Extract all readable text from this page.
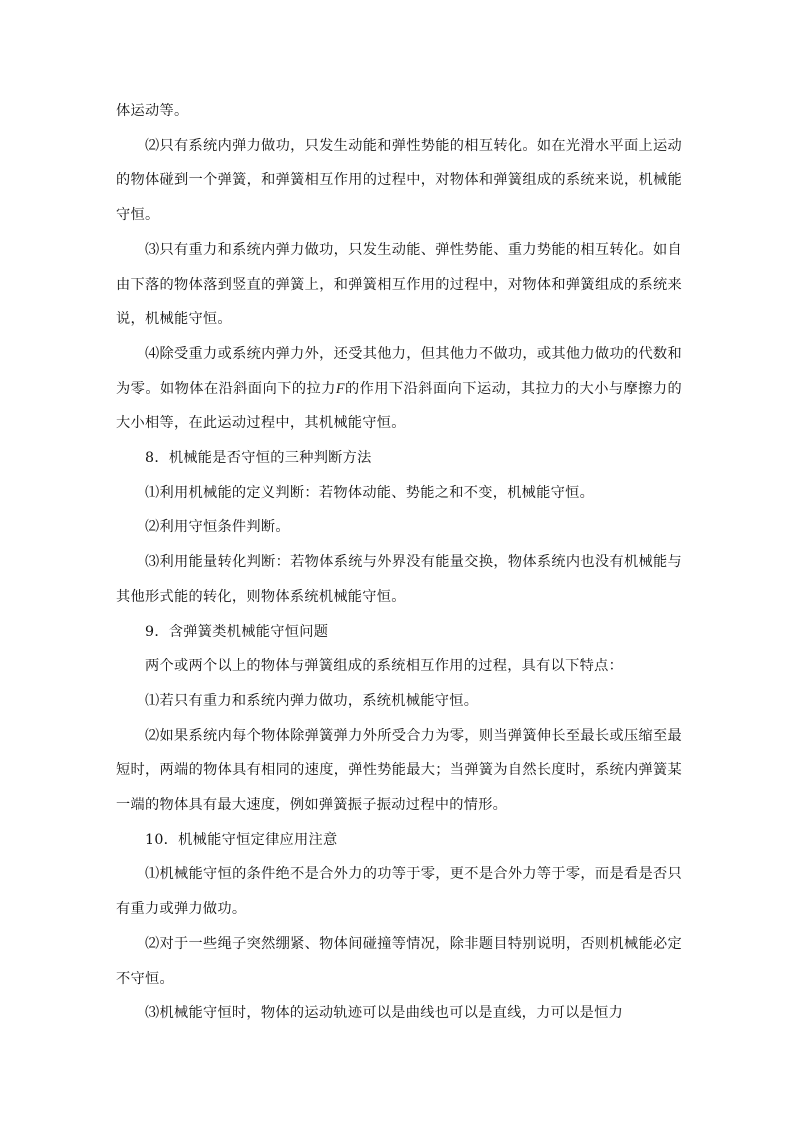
体运动等。

⑵只有系统内弹力做功，只发生动能和弹性势能的相互转化。如在光滑水平面上运动的物体碰到一个弹簧，和弹簧相互作用的过程中，对物体和弹簧组成的系统来说，机械能守恒。

⑶只有重力和系统内弹力做功，只发生动能、弹性势能、重力势能的相互转化。如自由下落的物体落到竖直的弹簧上，和弹簧相互作用的过程中，对物体和弹簧组成的系统来说，机械能守恒。

⑷除受重力或系统内弹力外，还受其他力，但其他力不做功，或其他力做功的代数和为零。如物体在沿斜面向下的拉力F的作用下沿斜面向下运动，其拉力的大小与摩擦力的大小相等，在此运动过程中，其机械能守恒。

8．机械能是否守恒的三种判断方法

⑴利用机械能的定义判断：若物体动能、势能之和不变，机械能守恒。

⑵利用守恒条件判断。

⑶利用能量转化判断：若物体系统与外界没有能量交换，物体系统内也没有机械能与其他形式能的转化，则物体系统机械能守恒。

9．含弹簧类机械能守恒问题

两个或两个以上的物体与弹簧组成的系统相互作用的过程，具有以下特点：

⑴若只有重力和系统内弹力做功，系统机械能守恒。

⑵如果系统内每个物体除弹簧弹力外所受合力为零，则当弹簧伸长至最长或压缩至最短时，两端的物体具有相同的速度，弹性势能最大；当弹簧为自然长度时，系统内弹簧某一端的物体具有最大速度，例如弹簧振子振动过程中的情形。

10．机械能守恒定律应用注意

⑴机械能守恒的条件绝不是合外力的功等于零，更不是合外力等于零，而是看是否只有重力或弹力做功。

⑵对于一些绳子突然绷紧、物体间碰撞等情况，除非题目特别说明，否则机械能必定不守恒。

⑶机械能守恒时，物体的运动轨迹可以是曲线也可以是直线，力可以是恒力
